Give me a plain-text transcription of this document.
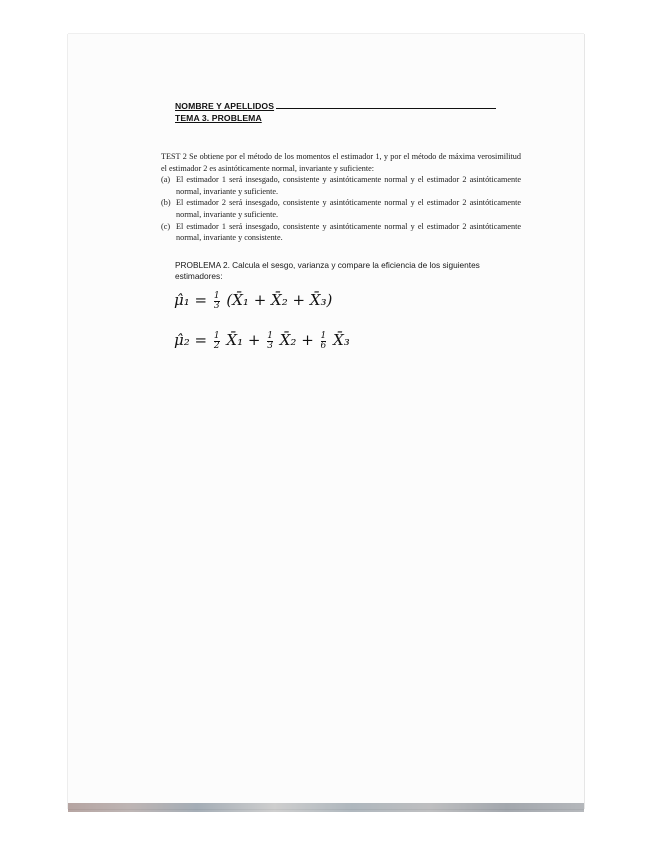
NOMBRE Y APELLIDOS
TEMA 3. PROBLEMA

TEST 2 Se obtiene por el método de los momentos el estimador 1, y por el método de máxima verosimilitud el estimador 2 es asintóticamente normal, invariante y suficiente:

(a) El estimador 1 será insesgado, consistente y asintóticamente normal y el estimador 2 asintóticamente normal, invariante y suficiente.
(b) El estimador 2 será insesgado, consistente y asintóticamente normal y el estimador 2 asintóticamente normal, invariante y suficiente.
(c) El estimador 1 será insesgado, consistente y asintóticamente normal y el estimador 2 asintóticamente normal, invariante y consistente.
PROBLEMA 2. Calcula el sesgo, varianza y compare la eficiencia de los siguientes estimadores:
μ̂₁ = $\frac{1}{3}$ (X̄₁ + X̄₂ + X̄₃)
μ̂₂ = $\frac{1}{2}$ X̄₁ + $\frac{1}{3}$ X̄₂ + $\frac{1}{6}$ X̄₃
